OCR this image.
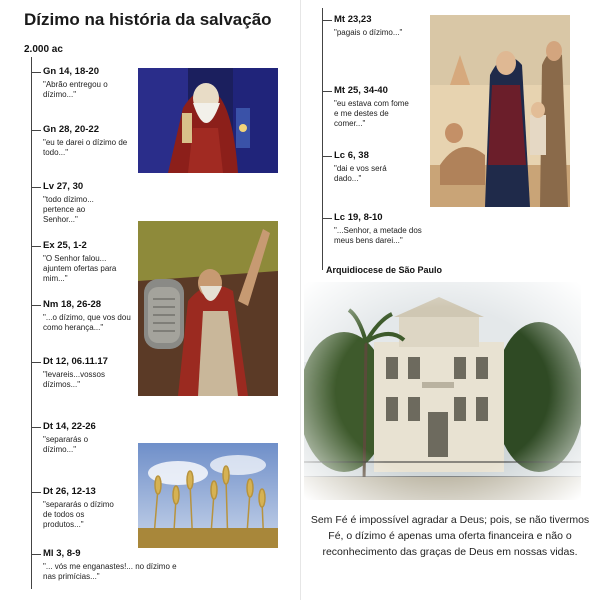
Dízimo na história da salvação
2.000 ac
Gn 14, 18-20
"Abrão entregou o dízimo..."
Gn 28, 20-22
"eu te darei o dízimo de todo..."
Lv 27, 30
"todo dízimo... pertence ao Senhor..."
Ex 25, 1-2
"O Senhor falou... ajuntem ofertas para mim..."
Nm 18, 26-28
"...o dízimo, que vos dou como herança..."
Dt 12, 06.11.17
"levareis...vossos dízimos..."
Dt 14, 22-26
"separarás o dízimo..."
Dt 26, 12-13
"separarás o dízimo de todos os produtos..."
Ml 3, 8-9
"... vós me enganastes!... no dízimo e nas primícias..."
Mt 23,23
"pagais o dízimo..."
Mt 25, 34-40
"eu estava com fome e me destes de comer..."
Lc 6, 38
"dai e vos será dado..."
Lc 19, 8-10
"...Senhor, a metade dos meus bens darei..."
Arquidiocese de São Paulo
Sem Fé é impossível agradar a Deus; pois, se não tivermos Fé, o dízimo é apenas uma oferta financeira e não o reconhecimento das graças de Deus em nossas vidas.
